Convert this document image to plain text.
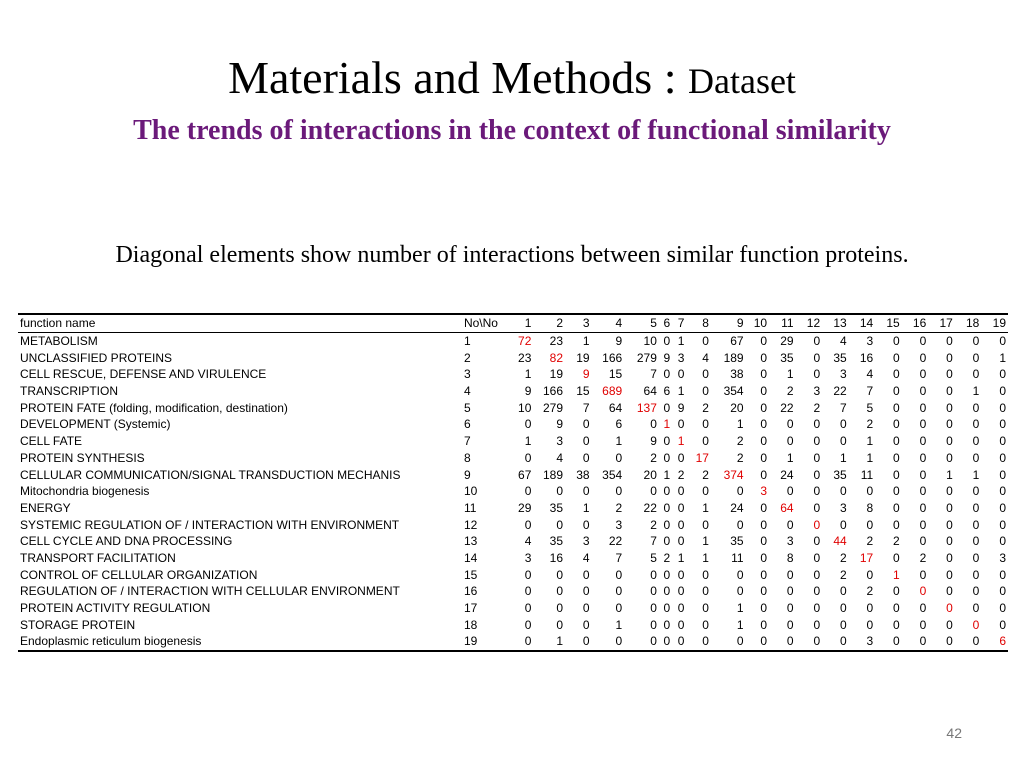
Materials and Methods : Dataset
The trends of interactions in the context of functional similarity
Diagonal elements show number of interactions between similar function proteins.
function name	No\No	1	2	3	4	5	6	7	8	9	10	11	12	13	14	15	16	17	18	19
METABOLISM	1	72	23	1	9	10	0	1	0	67	0	29	0	4	3	0	0	0	0	0
UNCLASSIFIED PROTEINS	2	23	82	19	166	279	9	3	4	189	0	35	0	35	16	0	0	0	0	1
CELL RESCUE, DEFENSE AND VIRULENCE	3	1	19	9	15	7	0	0	0	38	0	1	0	3	4	0	0	0	0	0
TRANSCRIPTION	4	9	166	15	689	64	6	1	0	354	0	2	3	22	7	0	0	0	1	0
PROTEIN FATE (folding, modification, destination)	5	10	279	7	64	137	0	9	2	20	0	22	2	7	5	0	0	0	0	0
DEVELOPMENT (Systemic)	6	0	9	0	6	0	1	0	0	1	0	0	0	0	2	0	0	0	0	0
CELL FATE	7	1	3	0	1	9	0	1	0	2	0	0	0	0	1	0	0	0	0	0
PROTEIN SYNTHESIS	8	0	4	0	0	2	0	0	17	2	0	1	0	1	1	0	0	0	0	0
CELLULAR COMMUNICATION/SIGNAL TRANSDUCTION MECHANIS	9	67	189	38	354	20	1	2	2	374	0	24	0	35	11	0	0	1	1	0
Mitochondria biogenesis	10	0	0	0	0	0	0	0	0	0	3	0	0	0	0	0	0	0	0	0
ENERGY	11	29	35	1	2	22	0	0	1	24	0	64	0	3	8	0	0	0	0	0
SYSTEMIC REGULATION OF / INTERACTION WITH ENVIRONMENT	12	0	0	0	3	2	0	0	0	0	0	0	0	0	0	0	0	0	0	0
CELL CYCLE AND DNA PROCESSING	13	4	35	3	22	7	0	0	1	35	0	3	0	44	2	2	0	0	0	0
TRANSPORT FACILITATION	14	3	16	4	7	5	2	1	1	11	0	8	0	2	17	0	2	0	0	3
CONTROL OF CELLULAR ORGANIZATION	15	0	0	0	0	0	0	0	0	0	0	0	0	2	0	1	0	0	0	0
REGULATION OF / INTERACTION WITH CELLULAR ENVIRONMENT	16	0	0	0	0	0	0	0	0	0	0	0	0	0	2	0	0	0	0	0
PROTEIN ACTIVITY REGULATION	17	0	0	0	0	0	0	0	0	1	0	0	0	0	0	0	0	0	0	0
STORAGE PROTEIN	18	0	0	0	1	0	0	0	0	1	0	0	0	0	0	0	0	0	0	0
Endoplasmic reticulum biogenesis	19	0	1	0	0	0	0	0	0	0	0	0	0	0	3	0	0	0	0	6
42
